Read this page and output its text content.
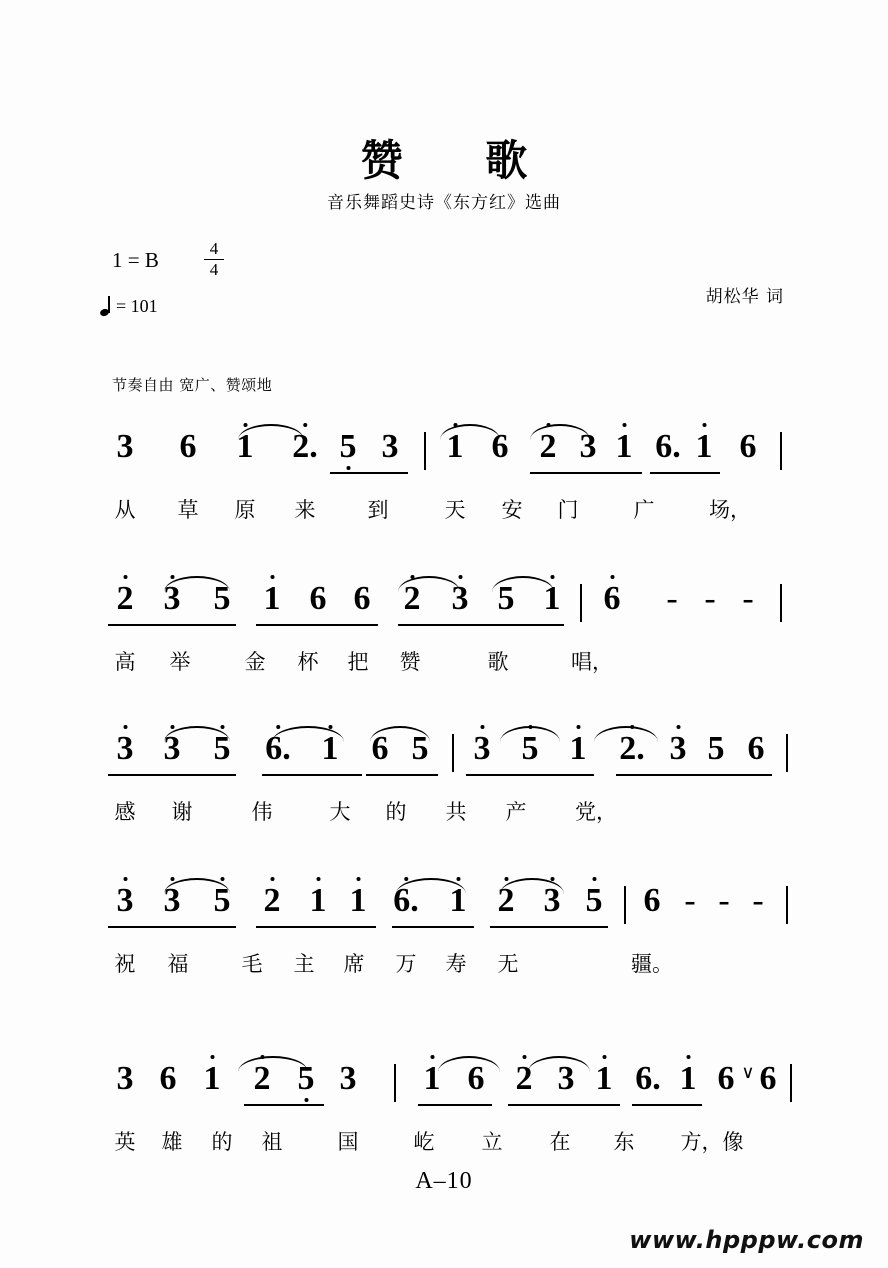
赞 歌
音乐舞蹈史诗《东方红》选曲
1 = B	4
4
= 101	胡松华 词
节奏自由 宽广、赞颂地
3 6 1 2. 5 3 1 6 2 3 1 6. 1 6
从 草 原 来 到	天 安 门	广	场，
2 3 5 1 6 6 2 3 5 1 6 - - -
高 举	金 杯 把 赞	歌	唱，
3 3 5 6. 1 6 5 3 5 1 2. 3 5 6
感 谢	伟	大 的 共 产 党，
3 3 5 2 1 1 6. 1 2 3 5 6 - - -
祝 福	毛 主 席 万 寿 无	疆。
3 6 1 2 5 3 1 6 2 3 1 6. 1 6 ∨ 6
英 雄 的 祖	国	屹 立 在 东 方，像
A–10
www.hpppw.com
